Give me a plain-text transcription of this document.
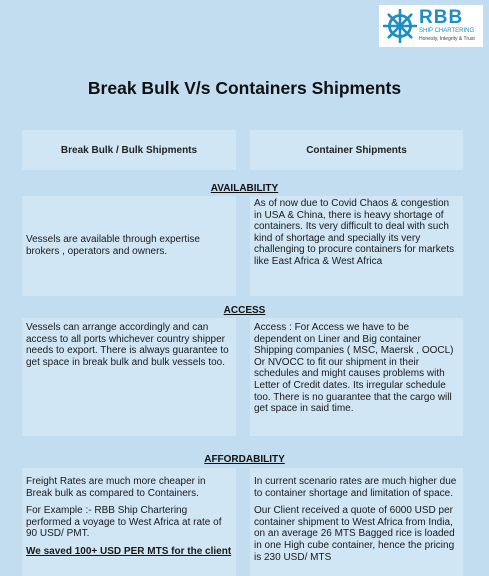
RBB
SHIP CHARTERING
Honesty, Integrity & Trust
Break Bulk V/s Containers Shipments
Break Bulk / Bulk Shipments	Container Shipments
AVAILABILITY
Vessels are available through expertise brokers , operators and owners.
As of now due to Covid Chaos & congestion in USA & China, there is heavy shortage of containers. Its very difficult to deal with such kind of shortage and specially its very challenging to procure containers for markets like East Africa & West Africa
ACCESS
Vessels can arrange accordingly and can access to all ports whichever country shipper needs to export. There is always guarantee to get space in break bulk and bulk vessels too.
Access : For Access we have to be dependent on Liner and Big container Shipping companies ( MSC, Maersk , OOCL) Or NVOCC to fit our shipment in their schedules and might causes problems with Letter of Credit dates. Its irregular schedule too. There is no guarantee that the cargo will get space in said time.
AFFORDABILITY

Freight Rates are much more cheaper in Break bulk as compared to Containers.

For Example :- RBB Ship Chartering performed a voyage to West Africa at rate of 90 USD/ PMT.

We saved 100+ USD PER MTS for the client

In current scenario rates are much higher due to container shortage and limitation of space.

Our Client received a quote of 6000 USD per container shipment to West Africa from India, on an average 26 MTS Bagged rice is loaded in one High cube container, hence the pricing is 230 USD/ MTS
